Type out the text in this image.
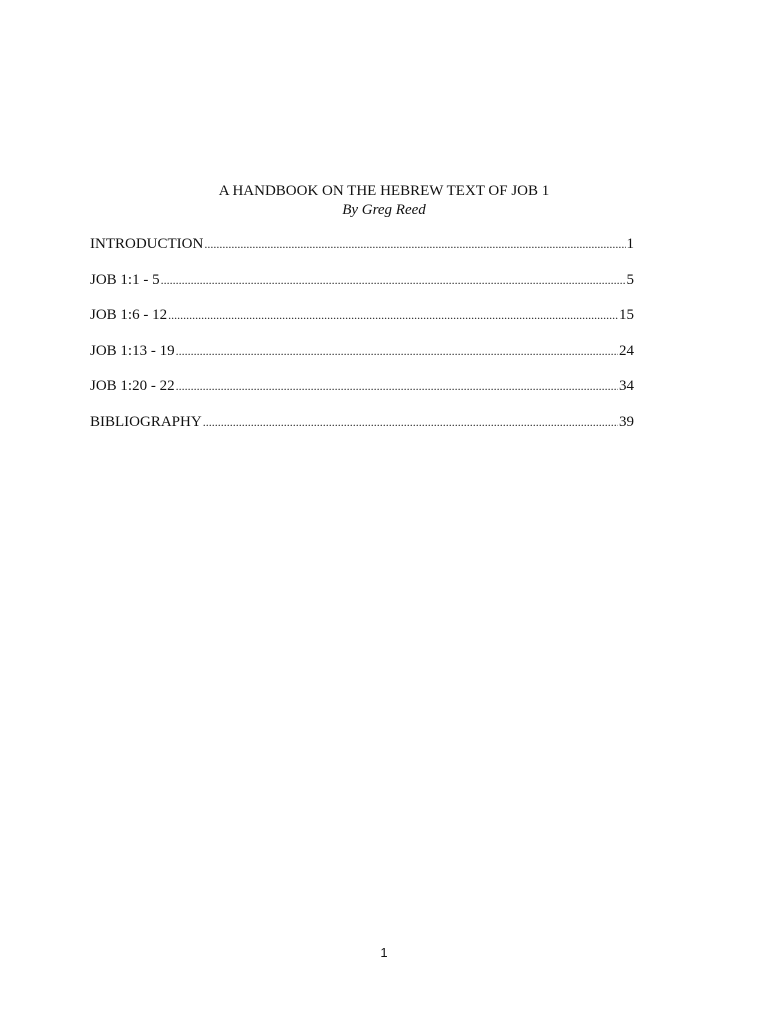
A HANDBOOK ON THE HEBREW TEXT OF JOB 1
By Greg Reed
INTRODUCTION .....	1
JOB 1:1 - 5 .....	5
JOB 1:6 - 12 .....	15
JOB 1:13 - 19 .....	24
JOB 1:20 - 22 .....	34
BIBLIOGRAPHY .....	39
1
